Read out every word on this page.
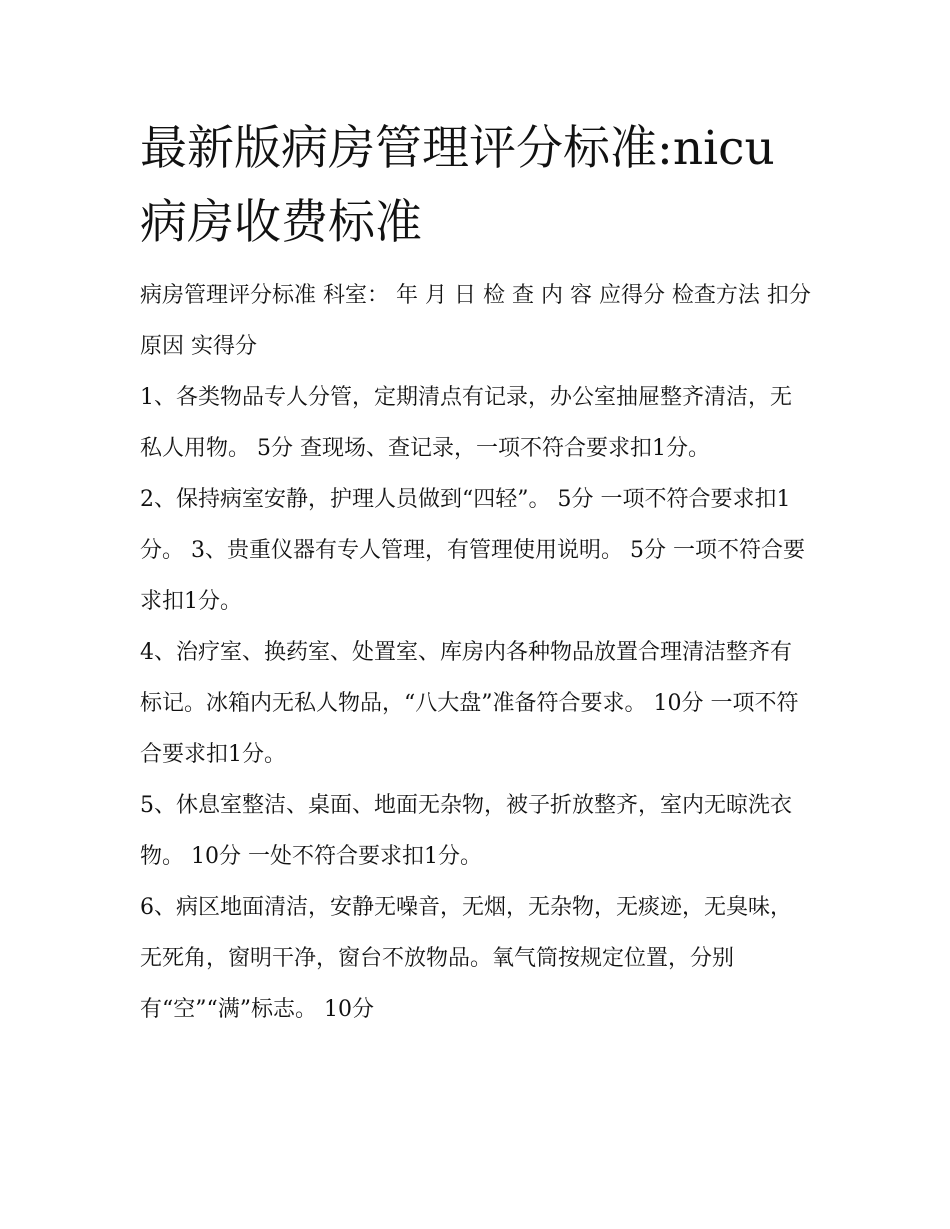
最新版病房管理评分标准:nicu病房收费标准

病房管理评分标准 科室： 年 月 日 检 查 内 容 应得分 检查方法 扣分原因 实得分

1、各类物品专人分管，定期清点有记录，办公室抽屉整齐清洁，无私人用物。 5分 查现场、查记录，一项不符合要求扣1分。

2、保持病室安静，护理人员做到“四轻”。 5分 一项不符合要求扣1分。 3、贵重仪器有专人管理，有管理使用说明。 5分 一项不符合要求扣1分。

4、治疗室、换药室、处置室、库房内各种物品放置合理清洁整齐有标记。冰箱内无私人物品，“八大盘”准备符合要求。 10分 一项不符合要求扣1分。

5、休息室整洁、桌面、地面无杂物，被子折放整齐，室内无晾洗衣物。 10分 一处不符合要求扣1分。

6、病区地面清洁，安静无噪音，无烟，无杂物，无痰迹，无臭味，无死角，窗明干净，窗台不放物品。氧气筒按规定位置，分别有“空”“满”标志。 10分
